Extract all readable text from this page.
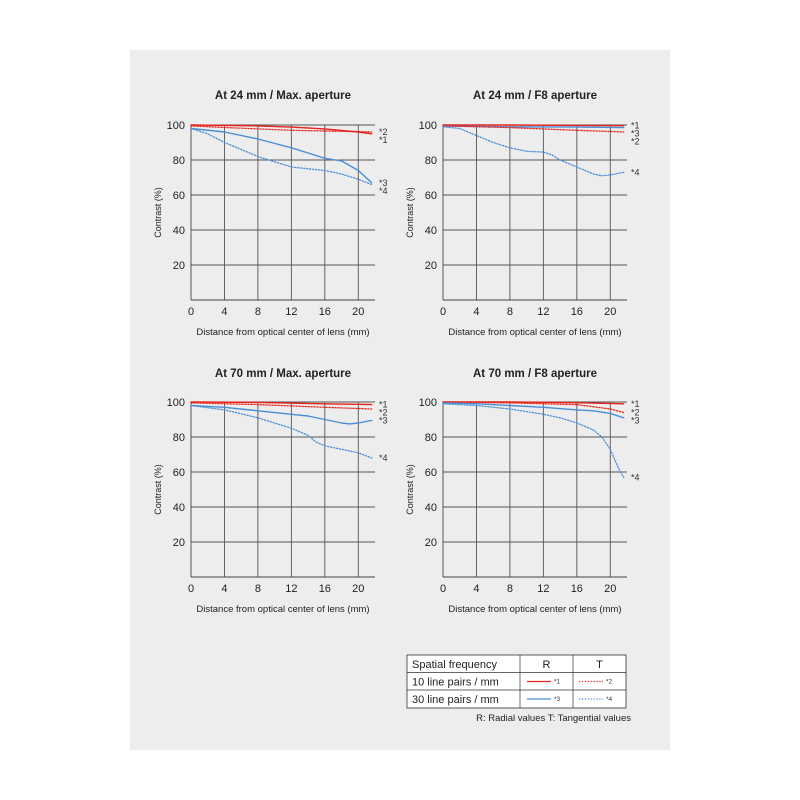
At 24 mm / Max. aperture
0 4 8 12 16 20
20
40
60
80
100
Distance from optical center of lens (mm)
Contrast (%)
*2
*1
*3
*4
At 24 mm / F8 aperture
0 4 8 12 16 20
20
40
60
80
100
Distance from optical center of lens (mm)
Contrast (%)
*1
*3
*2
*4
At 70 mm / Max. aperture
0 4 8 12 16 20
20
40
60
80
100
Distance from optical center of lens (mm)
Contrast (%)
*1
*2
*3
*4
At 70 mm / F8 aperture
0 4 8 12 16 20
20
40
60
80
100
Distance from optical center of lens (mm)
Contrast (%)
*1
*2
*3
*4
Spatial frequency	R	T
10 line pairs / mm	*1	*2
30 line pairs / mm	*3	*4
R: Radial values T: Tangential values
